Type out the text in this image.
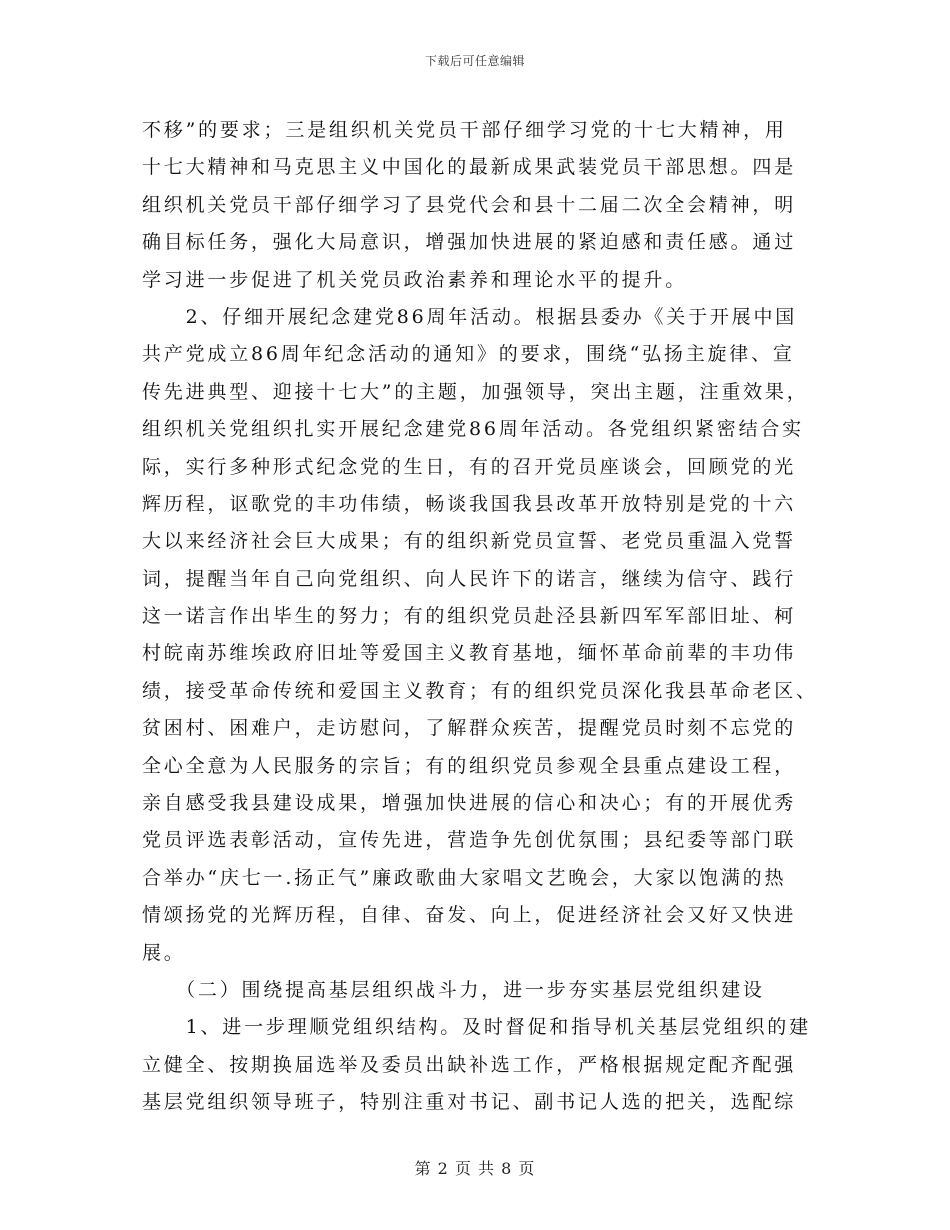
下载后可任意编辑
不移”的要求；三是组织机关党员干部仔细学习党的十七大精神，用
十七大精神和马克思主义中国化的最新成果武装党员干部思想。四是
组织机关党员干部仔细学习了县党代会和县十二届二次全会精神，明
确目标任务，强化大局意识，增强加快进展的紧迫感和责任感。通过
学习进一步促进了机关党员政治素养和理论水平的提升。
　　2、仔细开展纪念建党86周年活动。根据县委办《关于开展中国
共产党成立86周年纪念活动的通知》的要求，围绕“弘扬主旋律、宣
传先进典型、迎接十七大”的主题，加强领导，突出主题，注重效果，
组织机关党组织扎实开展纪念建党86周年活动。各党组织紧密结合实
际，实行多种形式纪念党的生日，有的召开党员座谈会，回顾党的光
辉历程，讴歌党的丰功伟绩，畅谈我国我县改革开放特别是党的十六
大以来经济社会巨大成果；有的组织新党员宣誓、老党员重温入党誓
词，提醒当年自己向党组织、向人民许下的诺言，继续为信守、践行
这一诺言作出毕生的努力；有的组织党员赴泾县新四军军部旧址、柯
村皖南苏维埃政府旧址等爱国主义教育基地，缅怀革命前辈的丰功伟
绩，接受革命传统和爱国主义教育；有的组织党员深化我县革命老区、
贫困村、困难户，走访慰问，了解群众疾苦，提醒党员时刻不忘党的
全心全意为人民服务的宗旨；有的组织党员参观全县重点建设工程，
亲自感受我县建设成果，增强加快进展的信心和决心；有的开展优秀
党员评选表彰活动，宣传先进，营造争先创优氛围；县纪委等部门联
合举办“庆七一.扬正气”廉政歌曲大家唱文艺晚会，大家以饱满的热
情颂扬党的光辉历程，自律、奋发、向上，促进经济社会又好又快进
展。
　　（二）围绕提高基层组织战斗力，进一步夯实基层党组织建设
　　1、进一步理顺党组织结构。及时督促和指导机关基层党组织的建
立健全、按期换届选举及委员出缺补选工作，严格根据规定配齐配强
基层党组织领导班子，特别注重对书记、副书记人选的把关，选配综
第 2 页 共 8 页
